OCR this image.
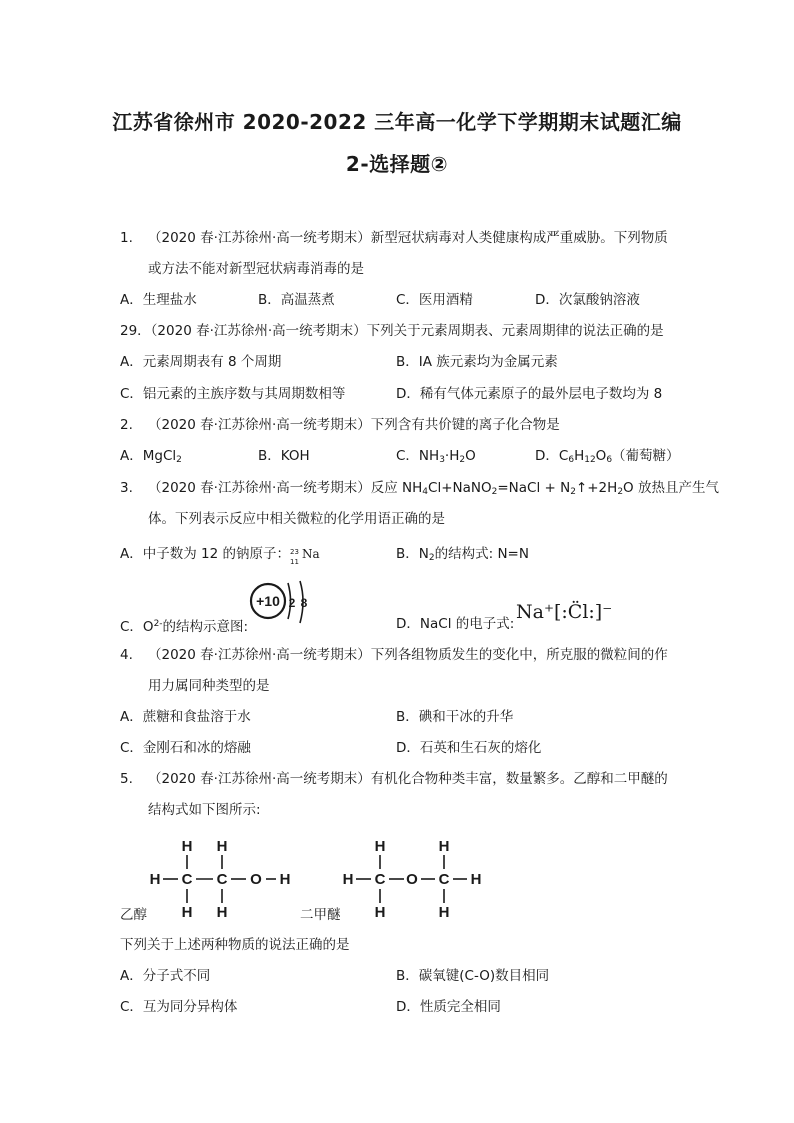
江苏省徐州市 2020-2022 三年高一化学下学期期末试题汇编
2-选择题②
1. （2020 春·江苏徐州·高一统考期末）新型冠状病毒对人类健康构成严重威胁。下列物质
或方法不能对新型冠状病毒消毒的是
A．生理盐水	B．高温蒸煮	C．医用酒精	D．次氯酸钠溶液
29．（2020 春·江苏徐州·高一统考期末）下列关于元素周期表、元素周期律的说法正确的是
A．元素周期表有 8 个周期	B．IA 族元素均为金属元素
C．铝元素的主族序数与其周期数相等	D．稀有气体元素原子的最外层电子数均为 8
2. （2020 春·江苏徐州·高一统考期末）下列含有共价键的离子化合物是
A．MgCl$_2$	B．KOH	C．$NH_3\cdot H_2O$	D．$C_6H_{12}O_6$（葡萄糖）
3. （2020 春·江苏徐州·高一统考期末）反应 $NH_4Cl+NaNO_2=NaCl$ + $N_2↑+2H_2O$ 放热且产生气
体。下列表示反应中相关微粒的化学用语正确的是
A．中子数为 12 的钠原子： 23
11
Na	B．$N_2$的结构式: N=N
+10 2 8
C．$O^{2-}$的结构示意图:	D．NaCl 的电子式:
Na⁺[:C̈l:]⁻
4. （2020 春·江苏徐州·高一统考期末）下列各组物质发生的变化中，所克服的微粒间的作
用力属同种类型的是
A．蔗糖和食盐溶于水	B．碘和干冰的升华
C．金刚石和冰的熔融	D．石英和生石灰的熔化
5. （2020 春·江苏徐州·高一统考期末）有机化合物种类丰富，数量繁多。乙醇和二甲醚的
结构式如下图所示:
H H
H C C O H
H H
H	H
H C O C H
H	H
乙醇	二甲醚
下列关于上述两种物质的说法正确的是
A．分子式不同	B．碳氧键(C-O)数目相同
C．互为同分异构体	D．性质完全相同
